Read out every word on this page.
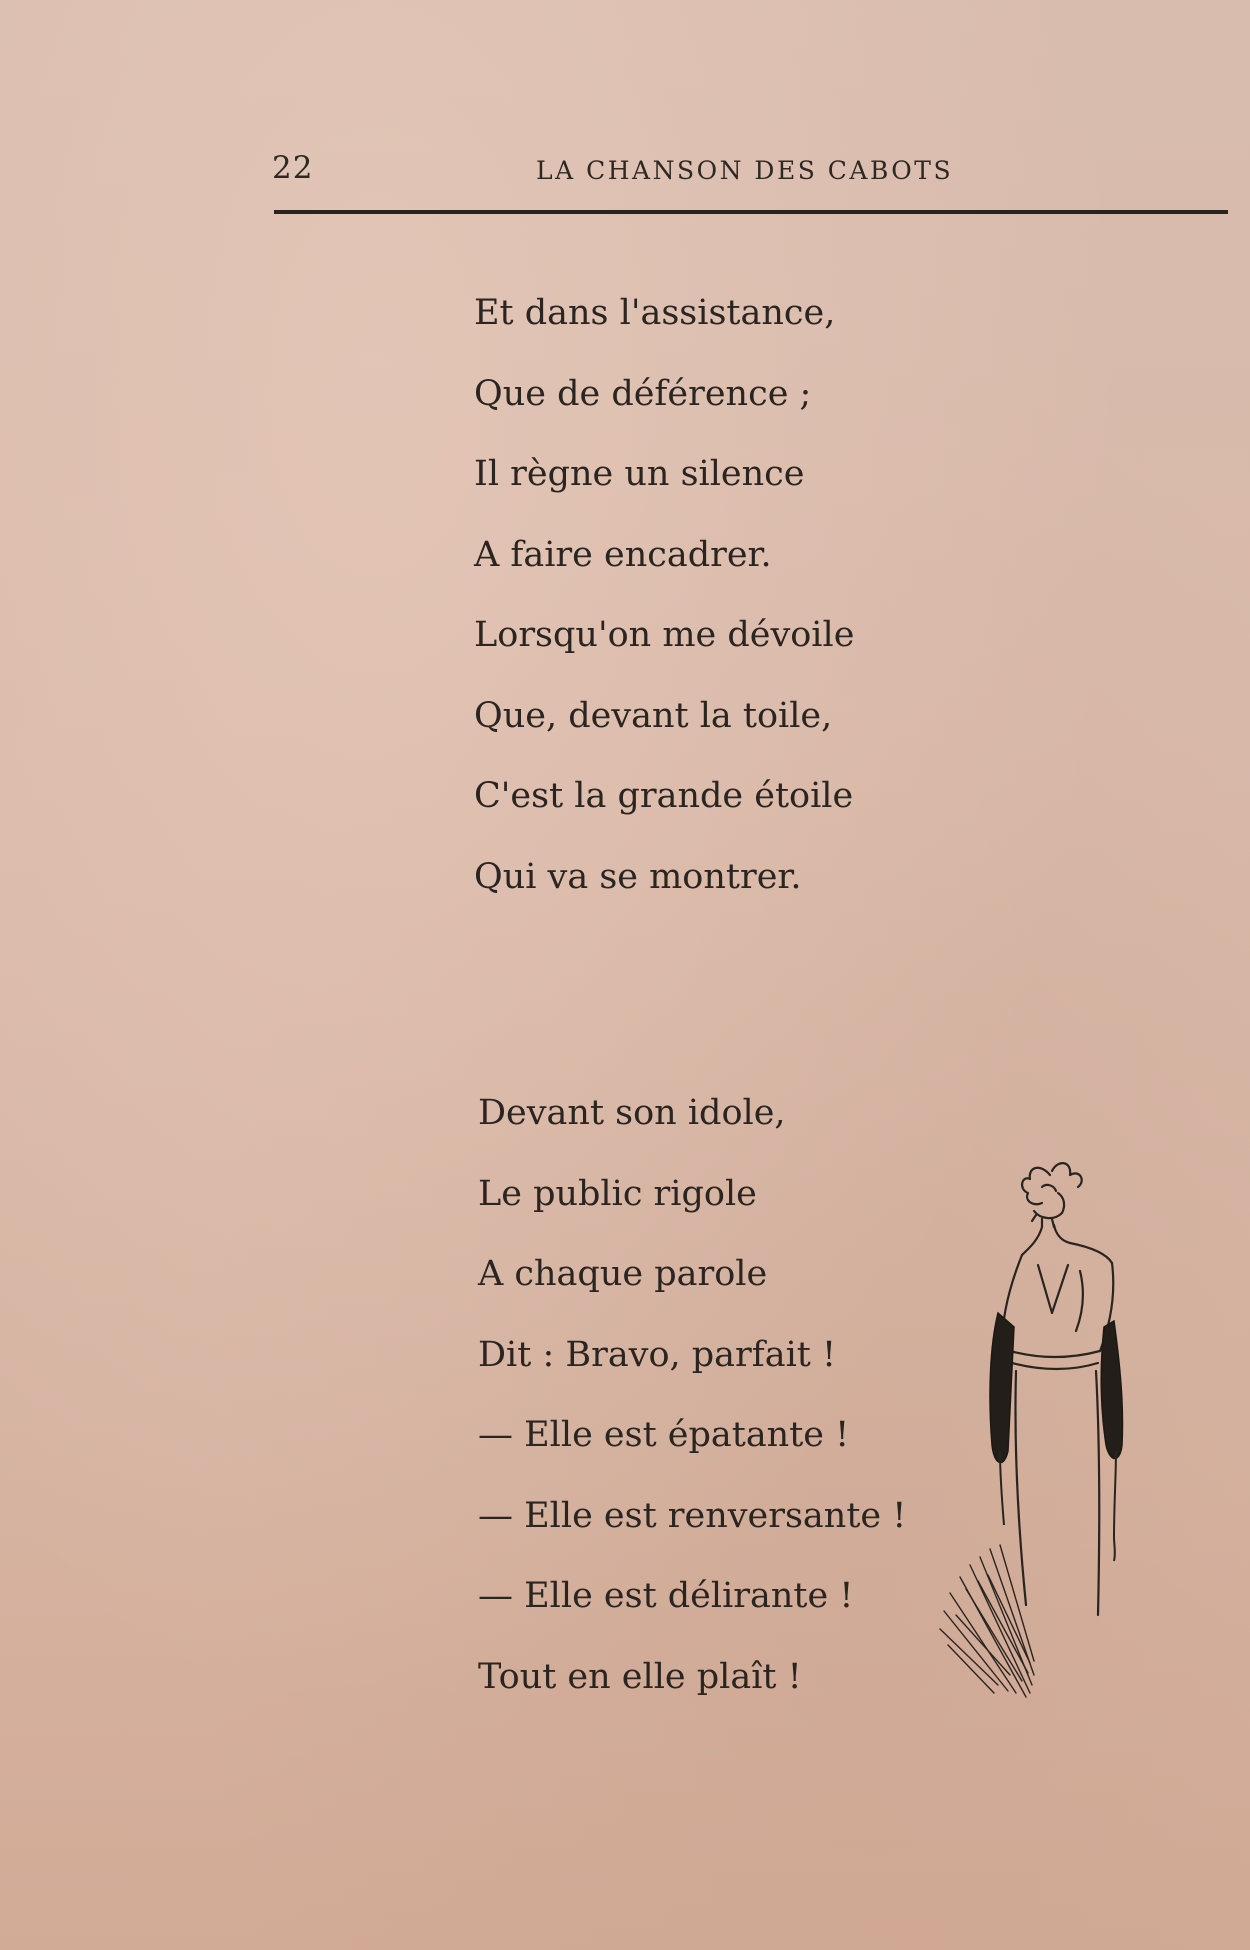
22	LA CHANSON DES CABOTS
Et dans l'assistance,
Que de déférence ;
Il règne un silence
A faire encadrer.
Lorsqu'on me dévoile
Que, devant la toile,
C'est la grande étoile
Qui va se montrer.
Devant son idole,
Le public rigole
A chaque parole
Dit : Bravo, parfait !
— Elle est épatante !
— Elle est renversante !
— Elle est délirante !
Tout en elle plaît !
